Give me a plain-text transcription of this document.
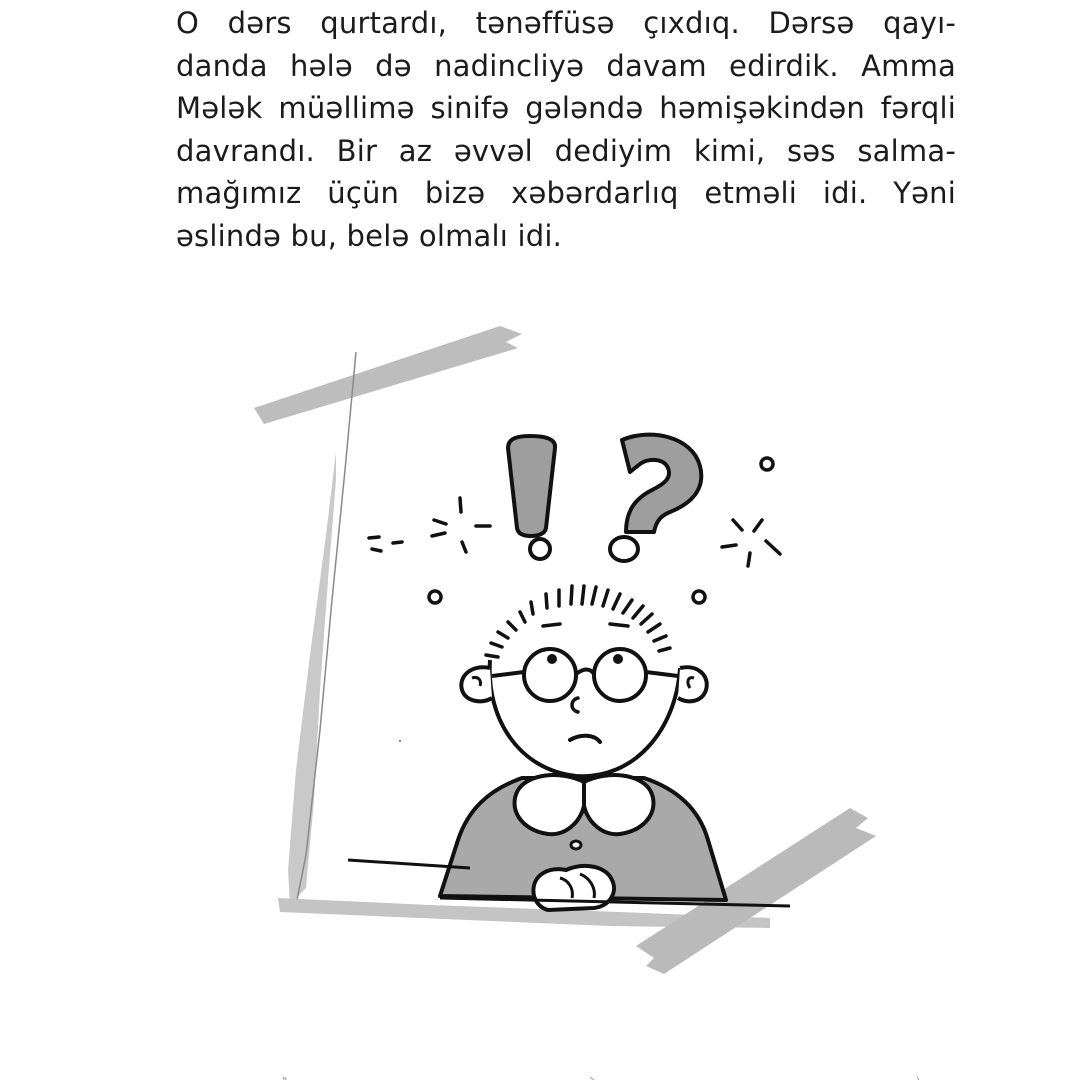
O dərs qurtardı, tənəffüsə çıxdıq. Dərsə qayı-
danda hələ də nadincliyə davam edirdik. Amma
Mələk müəllimə sinifə gələndə həmişəkindən fərqli
davrandı. Bir az əvvəl dediyim kimi, səs salma-
mağımız üçün bizə xəbərdarlıq etməli idi. Yəni
əslində bu, belə olmalı idi.
